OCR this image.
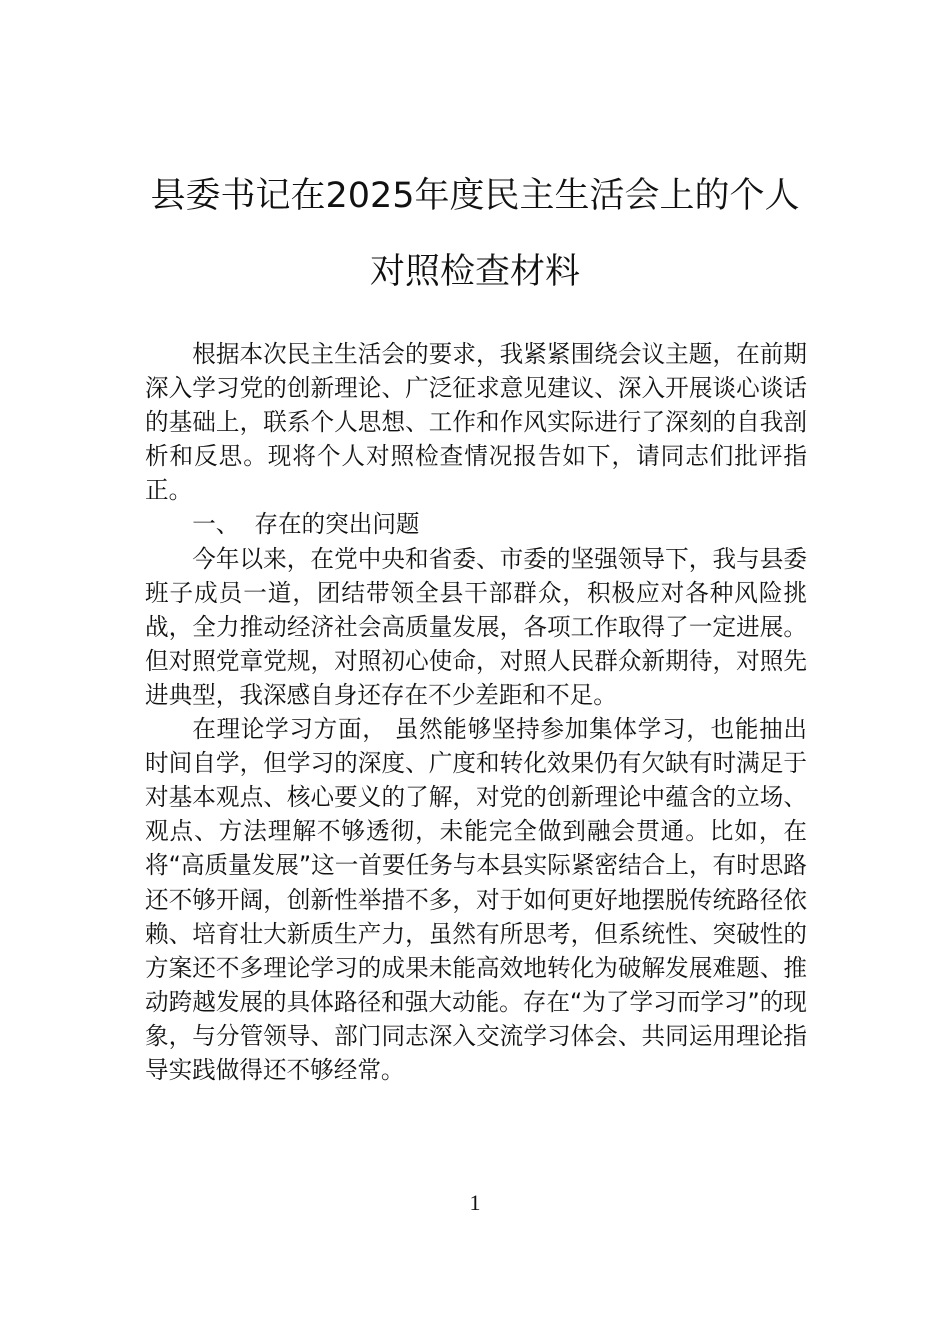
县委书记在2025年度民主生活会上的个人
对照检查材料

根据本次民主生活会的要求，我紧紧围绕会议主题，在前期深入学习党的创新理论、广泛征求意见建议、深入开展谈心谈话的基础上，联系个人思想、工作和作风实际进行了深刻的自我剖析和反思。现将个人对照检查情况报告如下，请同志们批评指正。

一、  存在的突出问题

今年以来，在党中央和省委、市委的坚强领导下，我与县委班子成员一道，团结带领全县干部群众，积极应对各种风险挑战，全力推动经济社会高质量发展，各项工作取得了一定进展。但对照党章党规，对照初心使命，对照人民群众新期待，对照先进典型，我深感自身还存在不少差距和不足。

在理论学习方面， 虽然能够坚持参加集体学习，也能抽出时间自学，但学习的深度、广度和转化效果仍有欠缺有时满足于对基本观点、核心要义的了解，对党的创新理论中蕴含的立场、观点、方法理解不够透彻，未能完全做到融会贯通。比如，在将“高质量发展”这一首要任务与本县实际紧密结合上，有时思路还不够开阔，创新性举措不多，对于如何更好地摆脱传统路径依赖、培育壮大新质生产力，虽然有所思考，但系统性、突破性的方案还不多理论学习的成果未能高效地转化为破解发展难题、推动跨越发展的具体路径和强大动能。存在“为了学习而学习”的现象，与分管领导、部门同志深入交流学习体会、共同运用理论指导实践做得还不够经常。

1
